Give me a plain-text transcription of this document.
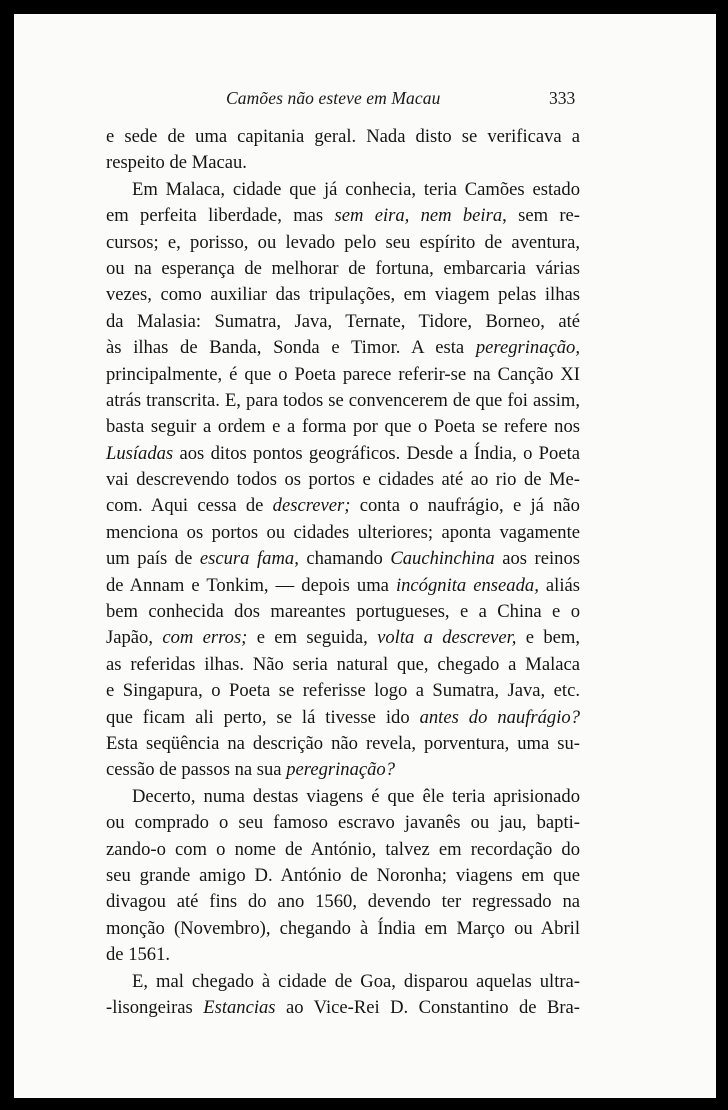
Camões não esteve em Macau	333
e sede de uma capitania geral. Nada disto se verificava a
respeito de Macau.
Em Malaca, cidade que já conhecia, teria Camões estado
em perfeita liberdade, mas sem eira, nem beira, sem re-
cursos; e, porisso, ou levado pelo seu espírito de aventura,
ou na esperança de melhorar de fortuna, embarcaria várias
vezes, como auxiliar das tripulações, em viagem pelas ilhas
da Malasia: Sumatra, Java, Ternate, Tidore, Borneo, até
às ilhas de Banda, Sonda e Timor. A esta peregrinação,
principalmente, é que o Poeta parece referir-se na Canção XI
atrás transcrita. E, para todos se convencerem de que foi assim,
basta seguir a ordem e a forma por que o Poeta se refere nos
Lusíadas aos ditos pontos geográficos. Desde a Índia, o Poeta
vai descrevendo todos os portos e cidades até ao rio de Me-
com. Aqui cessa de descrever; conta o naufrágio, e já não
menciona os portos ou cidades ulteriores; aponta vagamente
um país de escura fama, chamando Cauchinchina aos reinos
de Annam e Tonkim, — depois uma incógnita enseada, aliás
bem conhecida dos mareantes portugueses, e a China e o
Japão, com erros; e em seguida, volta a descrever, e bem,
as referidas ilhas. Não seria natural que, chegado a Malaca
e Singapura, o Poeta se referisse logo a Sumatra, Java, etc.
que ficam ali perto, se lá tivesse ido antes do naufrágio?
Esta seqüência na descrição não revela, porventura, uma su-
cessão de passos na sua peregrinação?
Decerto, numa destas viagens é que êle teria aprisionado
ou comprado o seu famoso escravo javanês ou jau, bapti-
zando-o com o nome de António, talvez em recordação do
seu grande amigo D. António de Noronha; viagens em que
divagou até fins do ano 1560, devendo ter regressado na
monção (Novembro), chegando à Índia em Março ou Abril
de 1561.
E, mal chegado à cidade de Goa, disparou aquelas ultra-
-lisongeiras Estancias ao Vice-Rei D. Constantino de Bra-
